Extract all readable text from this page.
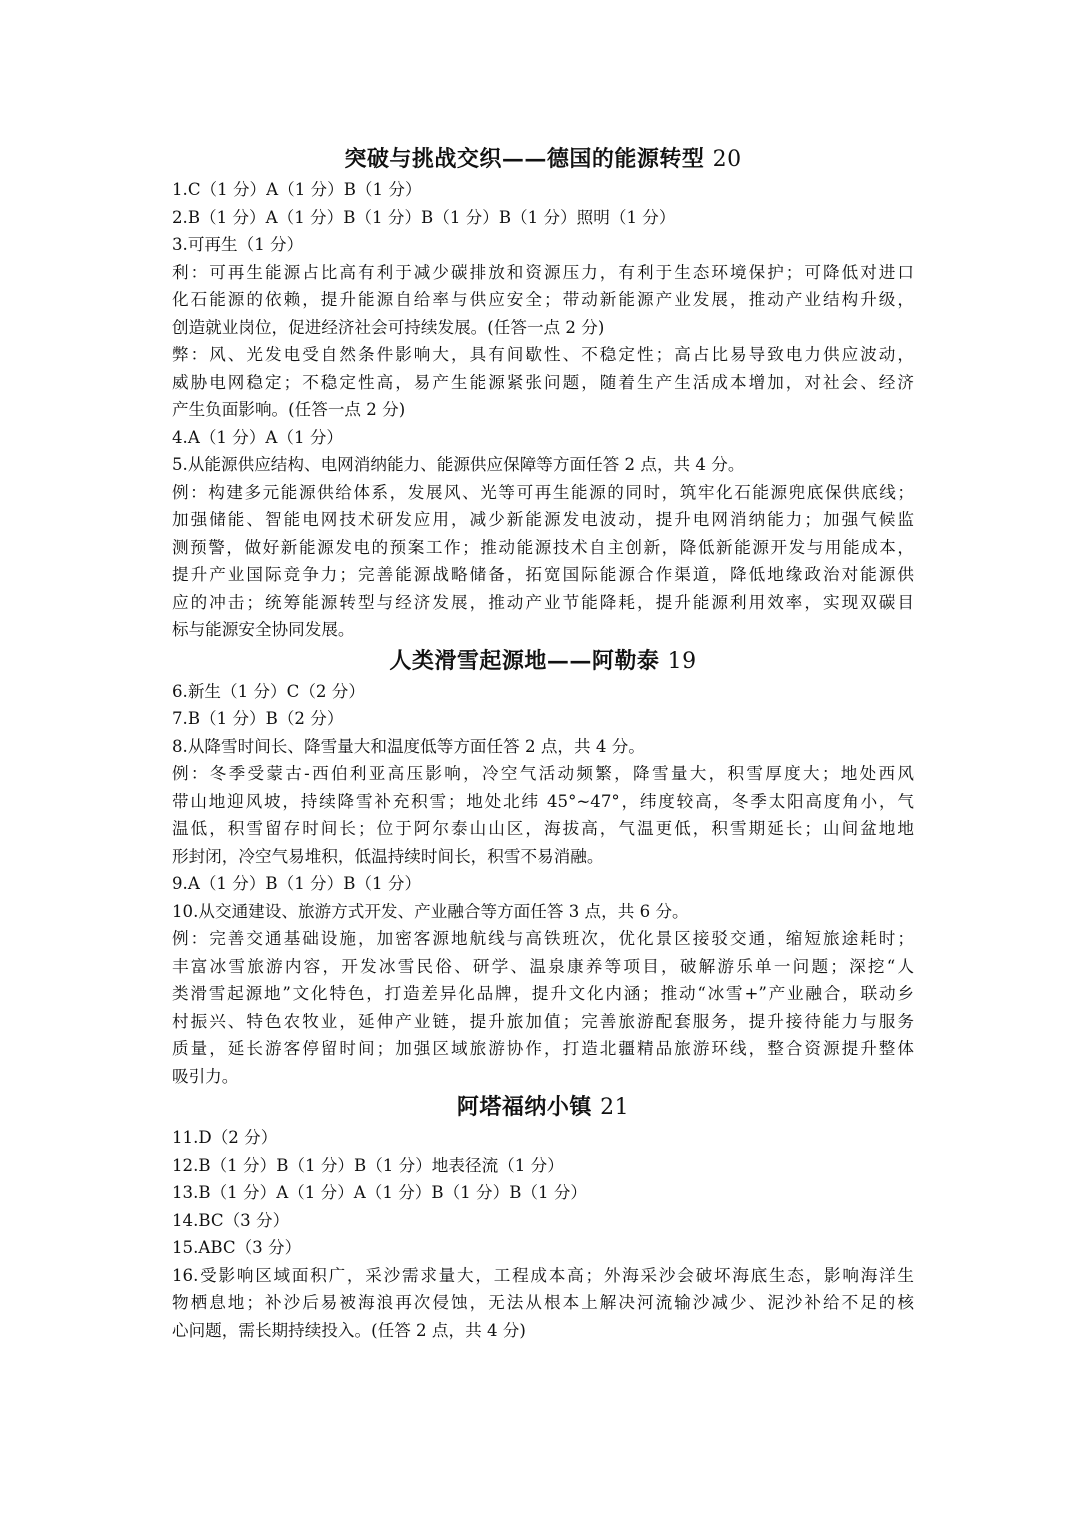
突破与挑战交织——德国的能源转型 20

1.C（1 分）A（1 分）B（1 分）

2.B（1 分）A（1 分）B（1 分）B（1 分）B（1 分）照明（1 分）

3.可再生（1 分）

利：可再生能源占比高有利于减少碳排放和资源压力，有利于生态环境保护；可降低对进口

化石能源的依赖，提升能源自给率与供应安全；带动新能源产业发展，推动产业结构升级，

创造就业岗位，促进经济社会可持续发展。(任答一点 2 分)

弊：风、光发电受自然条件影响大，具有间歇性、不稳定性；高占比易导致电力供应波动，

威胁电网稳定；不稳定性高，易产生能源紧张问题，随着生产生活成本增加，对社会、经济

产生负面影响。(任答一点 2 分)

4.A（1 分）A（1 分）

5.从能源供应结构、电网消纳能力、能源供应保障等方面任答 2 点，共 4 分。

例：构建多元能源供给体系，发展风、光等可再生能源的同时，筑牢化石能源兜底保供底线；

加强储能、智能电网技术研发应用，减少新能源发电波动，提升电网消纳能力；加强气候监

测预警，做好新能源发电的预案工作；推动能源技术自主创新，降低新能源开发与用能成本，

提升产业国际竞争力；完善能源战略储备，拓宽国际能源合作渠道，降低地缘政治对能源供

应的冲击；统筹能源转型与经济发展，推动产业节能降耗，提升能源利用效率，实现双碳目

标与能源安全协同发展。

人类滑雪起源地——阿勒泰 19

6.新生（1 分）C（2 分）

7.B（1 分）B（2 分）

8.从降雪时间长、降雪量大和温度低等方面任答 2 点，共 4 分。

例：冬季受蒙古-西伯利亚高压影响，冷空气活动频繁，降雪量大，积雪厚度大；地处西风

带山地迎风坡，持续降雪补充积雪；地处北纬 45°~47°，纬度较高，冬季太阳高度角小，气

温低，积雪留存时间长；位于阿尔泰山山区，海拔高，气温更低，积雪期延长；山间盆地地

形封闭，冷空气易堆积，低温持续时间长，积雪不易消融。

9.A（1 分）B（1 分）B（1 分）

10.从交通建设、旅游方式开发、产业融合等方面任答 3 点，共 6 分。

例：完善交通基础设施，加密客源地航线与高铁班次，优化景区接驳交通，缩短旅途耗时；

丰富冰雪旅游内容，开发冰雪民俗、研学、温泉康养等项目，破解游乐单一问题；深挖“人

类滑雪起源地”文化特色，打造差异化品牌，提升文化内涵；推动“冰雪+”产业融合，联动乡

村振兴、特色农牧业，延伸产业链，提升旅加值；完善旅游配套服务，提升接待能力与服务

质量，延长游客停留时间；加强区域旅游协作，打造北疆精品旅游环线，整合资源提升整体

吸引力。

阿塔福纳小镇 21

11.D（2 分）

12.B（1 分）B（1 分）B（1 分）地表径流（1 分）

13.B（1 分）A（1 分）A（1 分）B（1 分）B（1 分）

14.BC（3 分）

15.ABC（3 分）

16.受影响区域面积广，采沙需求量大，工程成本高；外海采沙会破坏海底生态，影响海洋生

物栖息地；补沙后易被海浪再次侵蚀，无法从根本上解决河流输沙减少、泥沙补给不足的核

心问题，需长期持续投入。(任答 2 点，共 4 分)
